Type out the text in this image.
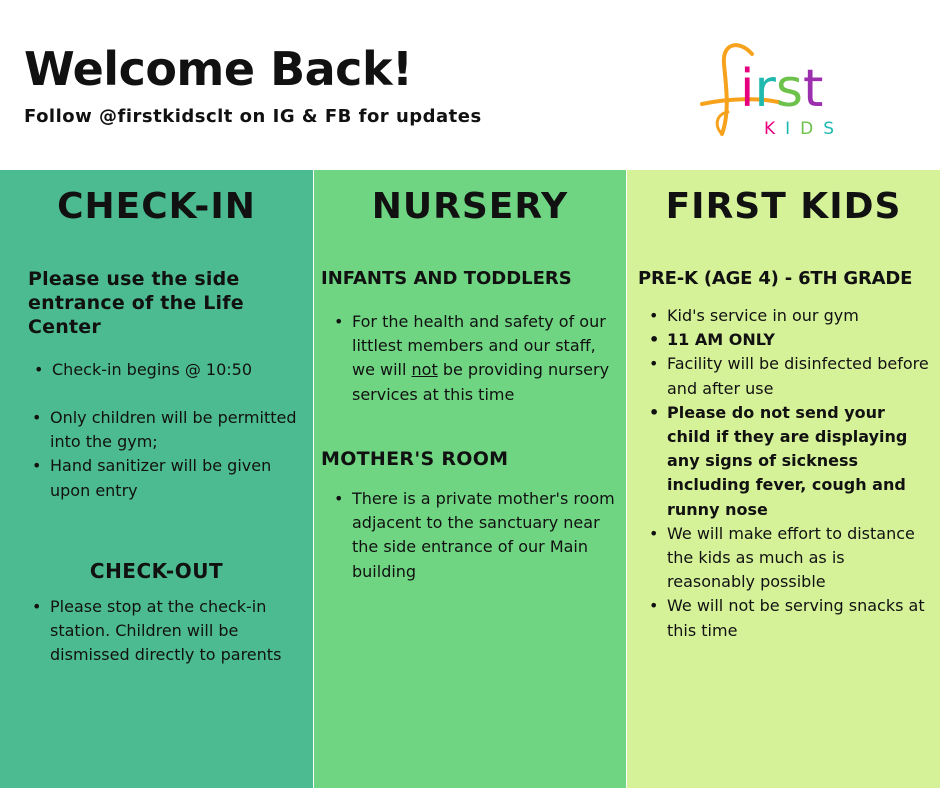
Welcome Back!

Follow @firstkidsclt on IG & FB for updates	irst
KIDS
CHECK-IN

Please use the side entrance of the Life Center

• Check-in begins @ 10:50
• Only children will be permitted into the gym;
• Hand sanitizer will be given upon entry

CHECK-OUT

• Please stop at the check-in station. Children will be dismissed directly to parents
NURSERY

INFANTS AND TODDLERS

• For the health and safety of our littlest members and our staff, we will not be providing nursery services at this time

MOTHER'S ROOM

• There is a private mother's room adjacent to the sanctuary near the side entrance of our Main building
FIRST KIDS

PRE-K (AGE 4) - 6TH GRADE

• Kid's service in our gym
• 11 AM ONLY
• Facility will be disinfected before and after use
• Please do not send your child if they are displaying any signs of sickness including fever, cough and runny nose
• We will make effort to distance the kids as much as is reasonably possible
• We will not be serving snacks at this time
